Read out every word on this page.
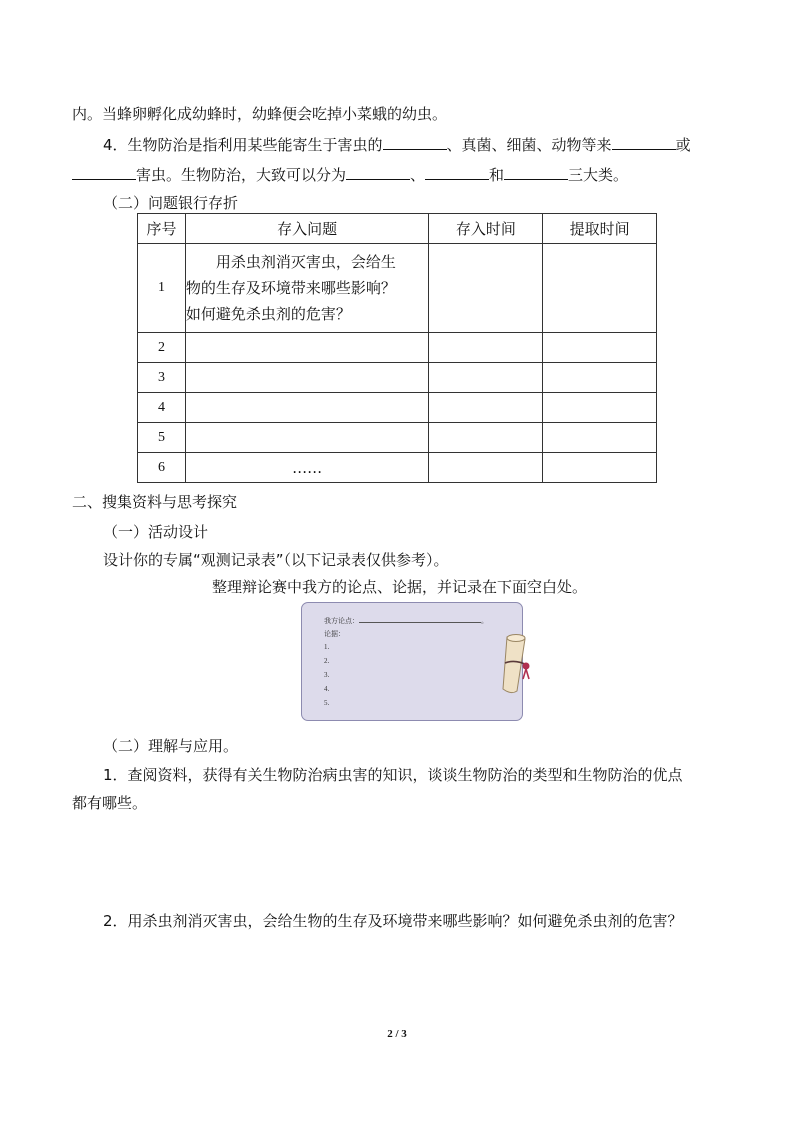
内。当蜂卵孵化成幼蜂时，幼蜂便会吃掉小菜蛾的幼虫。
4．生物防治是指利用某些能寄生于害虫的	、真菌、细菌、动物等来	或
害虫。生物防治，大致可以分为	、	和	三大类。
（二）问题银行存折
序号	存入问题	存入时间	提取时间
1	用杀虫剂消灭害虫，会给生
物的生存及环境带来哪些影响？
如何避免杀虫剂的危害？		

2			
3			
4			
5			
6	……		
二、搜集资料与思考探究
（一）活动设计
设计你的专属“观测记录表”（以下记录表仅供参考）。
整理辩论赛中我方的论点、论据，并记录在下面空白处。
我方论点：	。
论据：
1.
2.
3.
4.
5.
（二）理解与应用。
1．查阅资料，获得有关生物防治病虫害的知识，谈谈生物防治的类型和生物防治的优点
都有哪些。
2．用杀虫剂消灭害虫，会给生物的生存及环境带来哪些影响？如何避免杀虫剂的危害？
2 / 3
